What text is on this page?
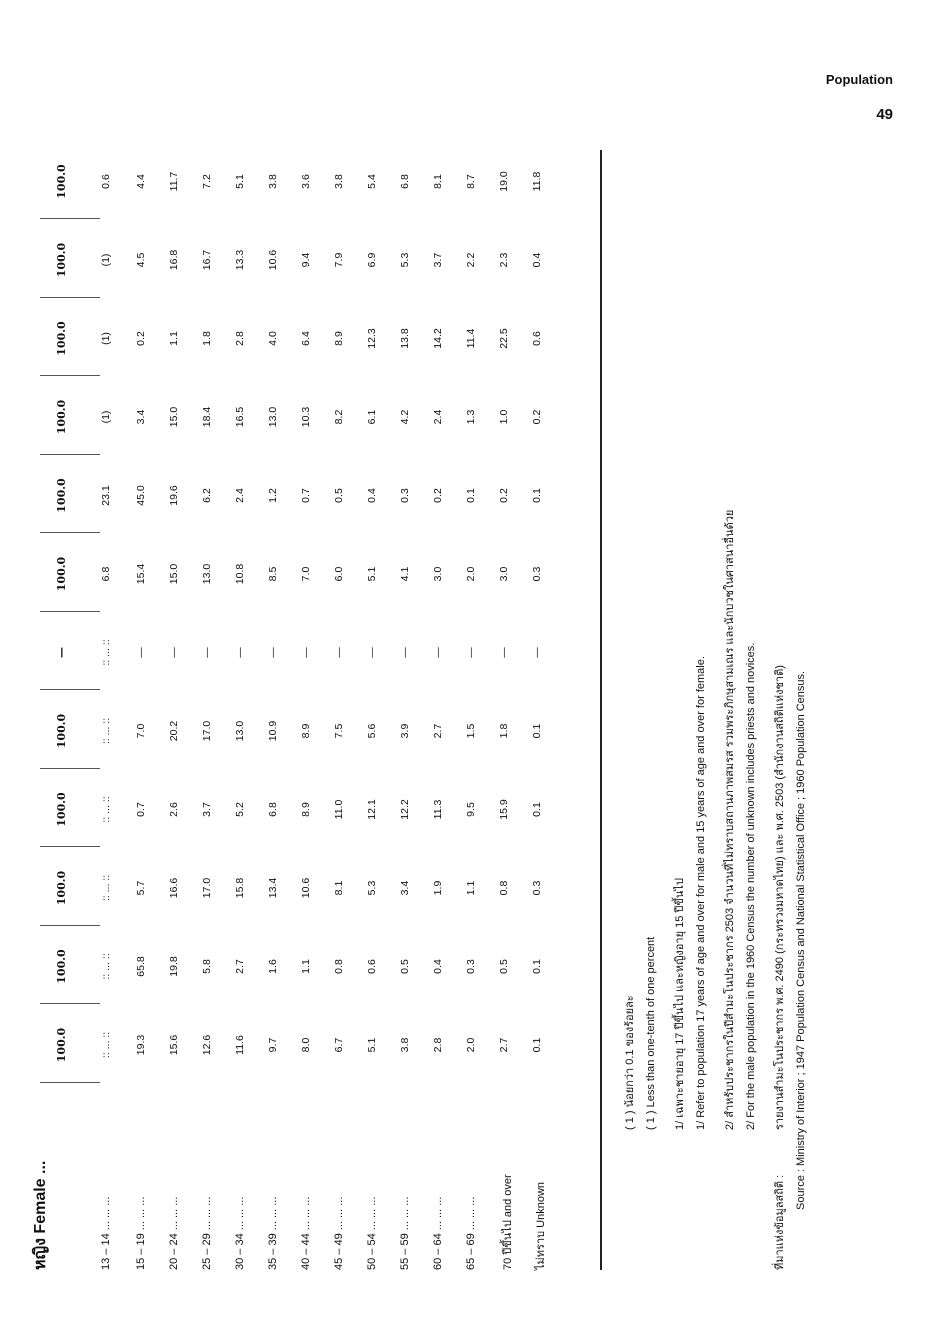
Population
49
หญิง Female ...
100.0
100.0
100.0
100.0
100.0
—
100.0
100.0
100.0
100.0
100.0
100.0
13 – 14 ... ... ...
:: ... ::
:: ... ::
:: ... ::
:: ... ::
:: ... ::
:: ... ::
6.8
23.1
(1)
(1)
(1)
0.6
15 – 19 ... ... ...
19.3
65.8
5.7
0.7
7.0
—
15.4
45.0
3.4
0.2
4.5
4.4
20 – 24 ... ... ...
15.6
19.8
16.6
2.6
20.2
—
15.0
19.6
15.0
1.1
16.8
11.7
25 – 29 ... ... ...
12.6
5.8
17.0
3.7
17.0
—
13.0
6.2
18.4
1.8
16.7
7.2
30 – 34 ... ... ...
11.6
2.7
15.8
5.2
13.0
—
10.8
2.4
16.5
2.8
13.3
5.1
35 – 39 ... ... ...
9.7
1.6
13.4
6.8
10.9
—
8.5
1.2
13.0
4.0
10.6
3.8
40 – 44 ... ... ...
8.0
1.1
10.6
8.9
8.9
—
7.0
0.7
10.3
6.4
9.4
3.6
45 – 49 ... ... ...
6.7
0.8
8.1
11.0
7.5
—
6.0
0.5
8.2
8.9
7.9
3.8
50 – 54 ... ... ...
5.1
0.6
5.3
12.1
5.6
—
5.1
0.4
6.1
12.3
6.9
5.4
55 – 59 ... ... ...
3.8
0.5
3.4
12.2
3.9
—
4.1
0.3
4.2
13.8
5.3
6.8
60 – 64 ... ... ...
2.8
0.4
1.9
11.3
2.7
—
3.0
0.2
2.4
14.2
3.7
8.1
65 – 69 ... ... ...
2.0
0.3
1.1
9.5
1.5
—
2.0
0.1
1.3
11.4
2.2
8.7
70 ปีขึ้นไป and over
2.7
0.5
0.8
15.9
1.8
—
3.0
0.2
1.0
22.5
2.3
19.0
ไม่ทราบ Unknown
0.1
0.1
0.3
0.1
0.1
—
0.3
0.1
0.2
0.6
0.4
11.8
( 1 ) น้อยกว่า 0.1 ของร้อยละ ( 1 ) Less than one-tenth of one percent	1/ เฉพาะชายอายุ 17 ปีขึ้นไป และหญิงอายุ 15 ปีขึ้นไป 1/ Refer to population 17 years of age and over for male and 15 years of age and over for female.	2/ สำหรับประชากรในปีสำมะโนประชากร 2503 จำนวนที่ไม่ทราบสถานภาพสมรส รวมพระภิกษุสามเณร และนักบวชในศาสนาอื่นด้วย 2/ For the male population in the 1960 Census the number of unknown includes priests and novices.
ที่มาแห่งข้อมูลสถิติ :
รายงานสำมะโนประชากร พ.ศ. 2490 (กระทรวงมหาดไทย) และ พ.ศ. 2503 (สำนักงานสถิติแห่งชาติ) Source : Ministry of Interior ; 1947 Population Census and National Statistical Office ; 1960 Population Census.
